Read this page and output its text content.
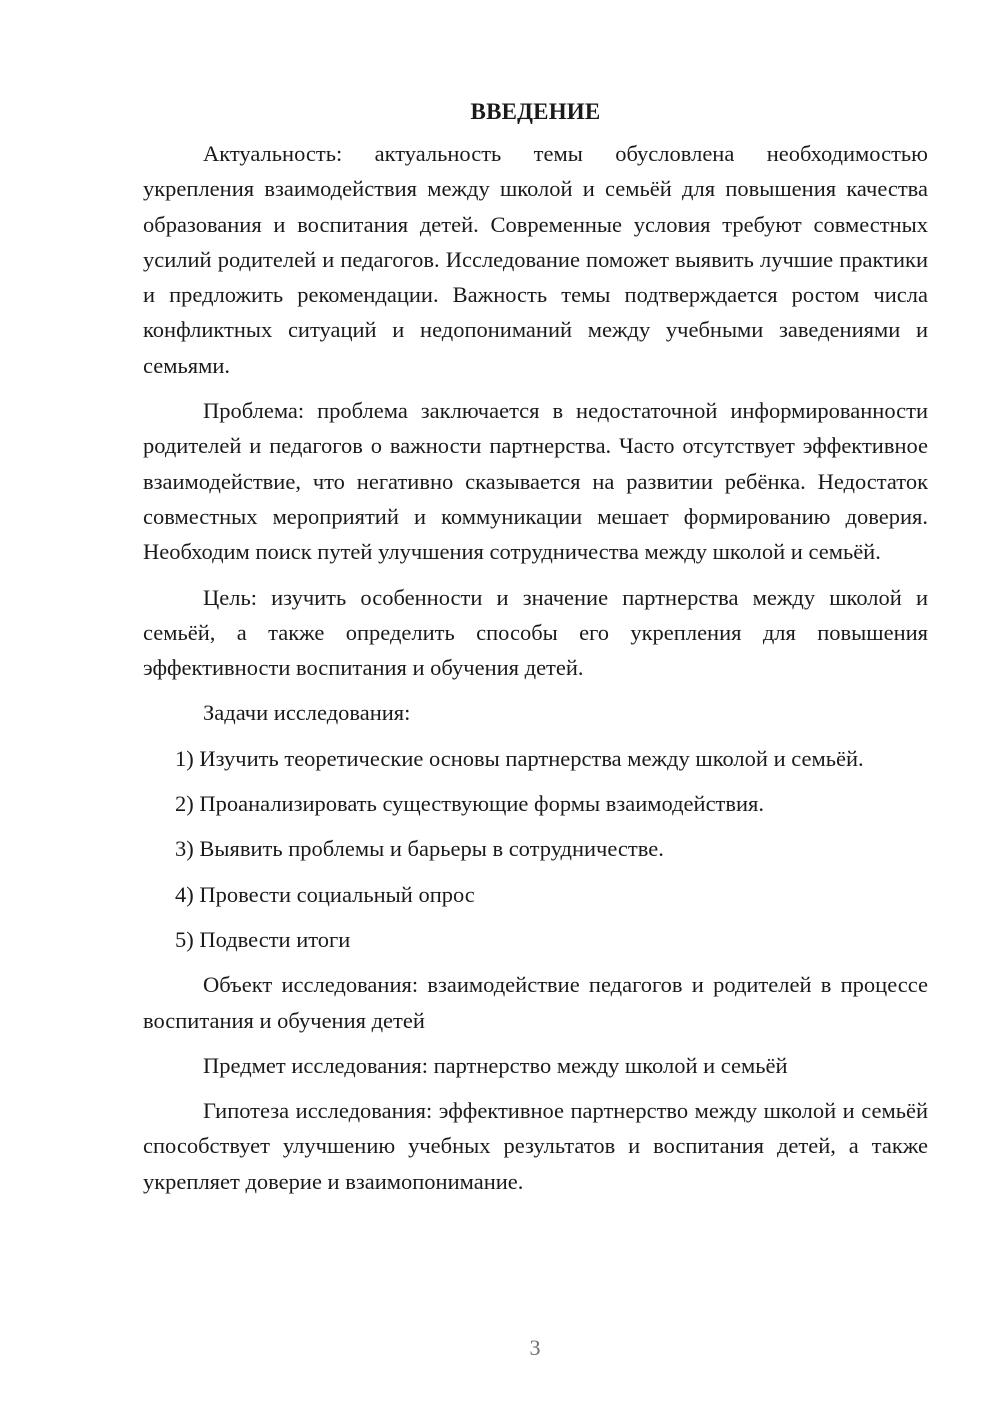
ВВЕДЕНИЕ

Актуальность: актуальность темы обусловлена необходимостью укрепления взаимодействия между школой и семьёй для повышения качества образования и воспитания детей. Современные условия требуют совместных усилий родителей и педагогов. Исследование поможет выявить лучшие практики и предложить рекомендации. Важность темы подтверждается ростом числа конфликтных ситуаций и недопониманий между учебными заведениями и семьями.

Проблема: проблема заключается в недостаточной информированности родителей и педагогов о важности партнерства. Часто отсутствует эффективное взаимодействие, что негативно сказывается на развитии ребёнка. Недостаток совместных мероприятий и коммуникации мешает формированию доверия. Необходим поиск путей улучшения сотрудничества между школой и семьёй.

Цель: изучить особенности и значение партнерства между школой и семьёй, а также определить способы его укрепления для повышения эффективности воспитания и обучения детей.

Задачи исследования:

1) Изучить теоретические основы партнерства между школой и семьёй.

2) Проанализировать существующие формы взаимодействия.

3) Выявить проблемы и барьеры в сотрудничестве.

4) Провести социальный опрос

5) Подвести итоги

Объект исследования: взаимодействие педагогов и родителей в процессе воспитания и обучения детей

Предмет исследования: партнерство между школой и семьёй

Гипотеза исследования: эффективное партнерство между школой и семьёй способствует улучшению учебных результатов и воспитания детей, а также укрепляет доверие и взаимопонимание.

3
